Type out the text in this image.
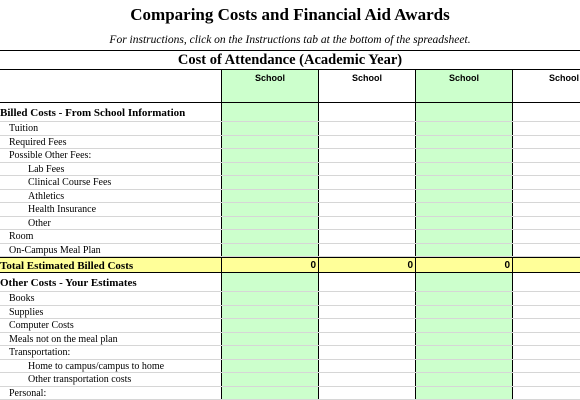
Comparing Costs and Financial Aid Awards
For instructions, click on the Instructions tab at the bottom of the spreadsheet.
Cost of Attendance (Academic Year)
School	School	School	School
Billed Costs - From School Information
Tuition
Required Fees
Possible Other Fees:
Lab Fees
Clinical Course Fees
Athletics
Health Insurance
Other
Room
On-Campus Meal Plan
Total Estimated Billed Costs	0	0	0
Other Costs - Your Estimates
Books
Supplies
Computer Costs
Meals not on the meal plan
Transportation:
Home to campus/campus to home
Other transportation costs
Personal:
